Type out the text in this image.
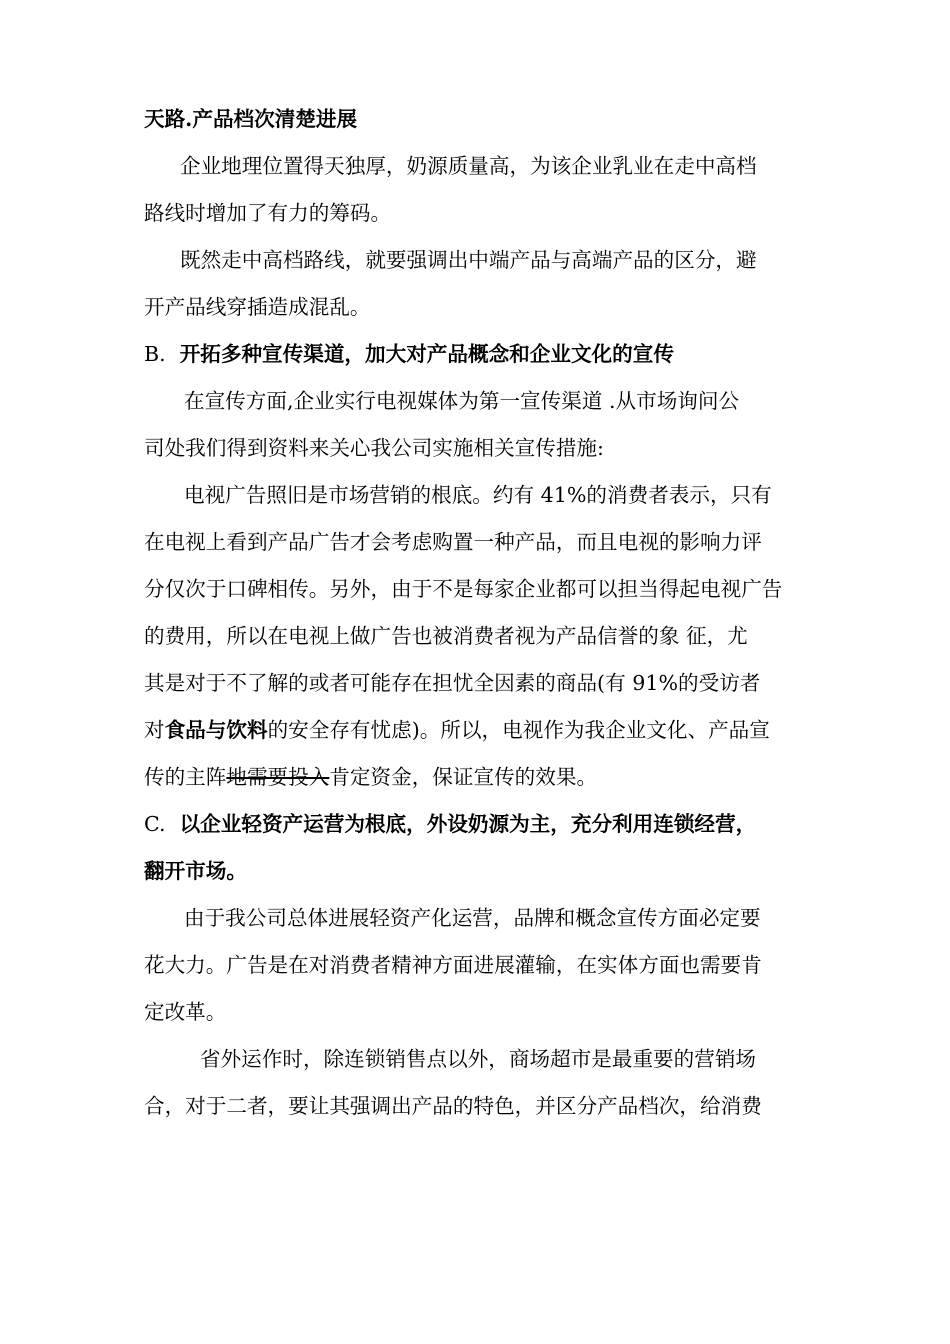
天路.产品档次清楚进展
企业地理位置得天独厚，奶源质量高，为该企业乳业在走中高档
路线时增加了有力的筹码。
既然走中高档路线，就要强调出中端产品与高端产品的区分，避
开产品线穿插造成混乱。
B. 开拓多种宣传渠道，加大对产品概念和企业文化的宣传
在宣传方面,企业实行电视媒体为第一宣传渠道 .从市场询问公
司处我们得到资料来关心我公司实施相关宣传措施:
电视广告照旧是市场营销的根底。约有 41%的消费者表示，只有
在电视上看到产品广告才会考虑购置一种产品，而且电视的影响力评
分仅次于口碑相传。另外，由于不是每家企业都可以担当得起电视广告
的费用，所以在电视上做广告也被消费者视为产品信誉的象 征，尤
其是对于不了解的或者可能存在担忧全因素的商品(有 91%的受访者
对食品与饮料的安全存有忧虑)。所以，电视作为我企业文化、产品宣
传的主阵地需要投入肯定资金，保证宣传的效果。
C. 以企业轻资产运营为根底，外设奶源为主，充分利用连锁经营，
翻开市场。
由于我公司总体进展轻资产化运营，品牌和概念宣传方面必定要
花大力。广告是在对消费者精神方面进展灌输，在实体方面也需要肯
定改革。
省外运作时，除连锁销售点以外，商场超市是最重要的营销场
合，对于二者，要让其强调出产品的特色，并区分产品档次，给消费
